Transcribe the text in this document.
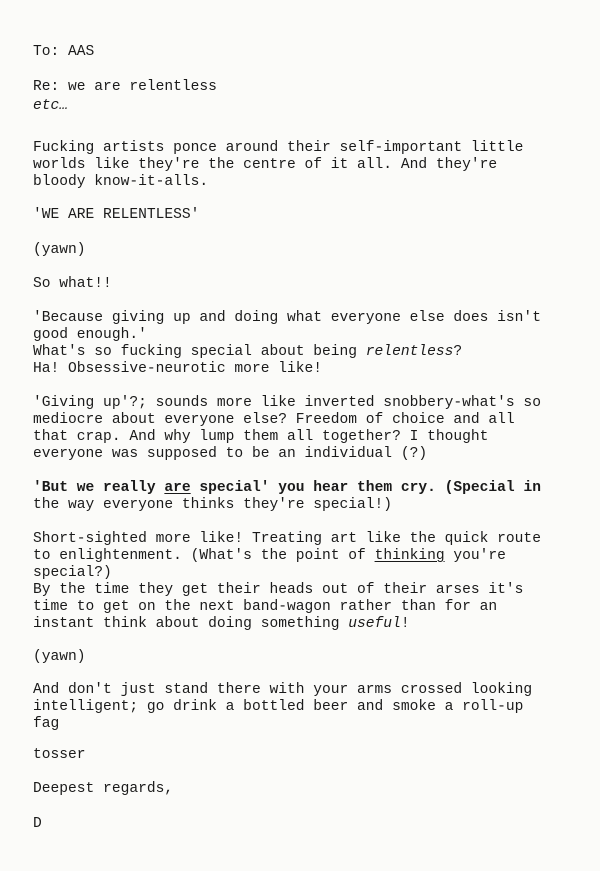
To: AAS
Re: we are relentless
etc…
Fucking artists ponce around their self-important little
worlds like they're the centre of it all. And they're
bloody know-it-alls.
'WE ARE RELENTLESS'
(yawn)
So what!!
'Because giving up and doing what everyone else does isn't
good enough.'
What's so fucking special about being relentless?
Ha! Obsessive-neurotic more like!
'Giving up'?; sounds more like inverted snobbery-what's so
mediocre about everyone else? Freedom of choice and all
that crap. And why lump them all together? I thought
everyone was supposed to be an individual (?)
'But we really are special' you hear them cry. (Special in
the way everyone thinks they're special!)
Short-sighted more like! Treating art like the quick route
to enlightenment. (What's the point of thinking you're
special?)
By the time they get their heads out of their arses it's
time to get on the next band-wagon rather than for an
instant think about doing something useful!
(yawn)
And don't just stand there with your arms crossed looking
intelligent; go drink a bottled beer and smoke a roll-up
fag
tosser
Deepest regards,
D
